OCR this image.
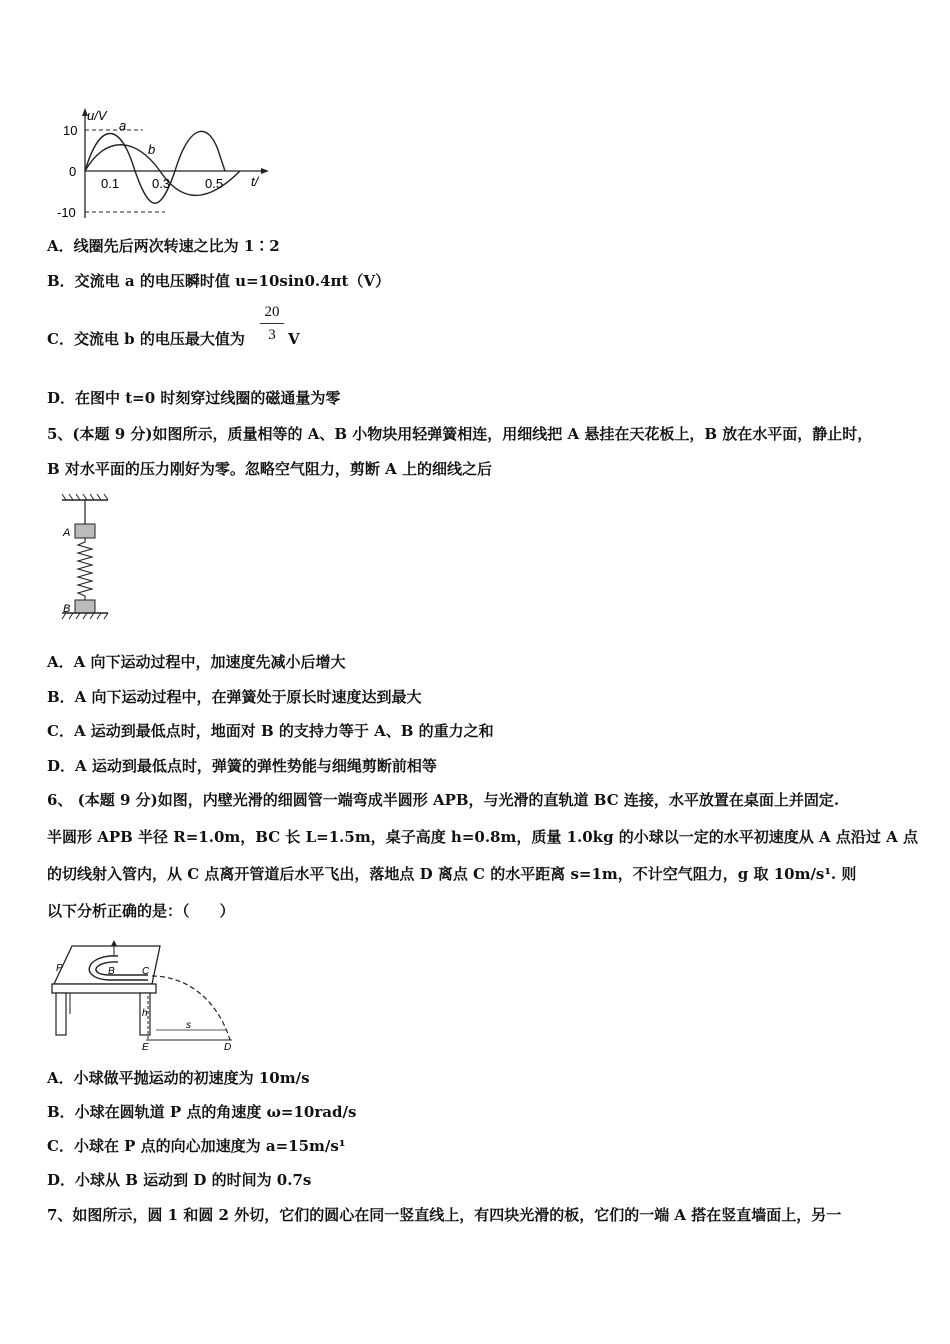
u/V
10
0
-10
0.1	0.3	0.5 t/
a
b
A．线圈先后两次转速之比为 1∶2
B．交流电 a 的电压瞬时值 u=10sin0.4πt（V）
C．交流电 b 的电压最大值为
20
3 V
D．在图中 t=0 时刻穿过线圈的磁通量为零
5、(本题 9 分)如图所示，质量相等的 A、B 小物块用轻弹簧相连，用细线把 A 悬挂在天花板上，B 放在水平面，静止时，
B 对水平面的压力刚好为零。忽略空气阻力，剪断 A 上的细线之后
A
B
A．A 向下运动过程中，加速度先减小后增大
B．A 向下运动过程中，在弹簧处于原长时速度达到最大
C．A 运动到最低点时，地面对 B 的支持力等于 A、B 的重力之和
D．A 运动到最低点时，弹簧的弹性势能与细绳剪断前相等
6、 (本题 9 分)如图，内壁光滑的细圆管一端弯成半圆形 APB，与光滑的直轨道 BC 连接，水平放置在桌面上并固定.
半圆形 APB 半径 R=1.0m，BC 长 L=1.5m，桌子高度 h=0.8m，质量 1.0kg 的小球以一定的水平初速度从 A 点沿过 A 点
的切线射入管内，从 C 点离开管道后水平飞出，落地点 D 离点 C 的水平距离 s=1m，不计空气阻力，g 取 10m/s¹. 则
以下分析正确的是：（　　）
P	B	C
h
s
E	D
A．小球做平抛运动的初速度为 10m/s
B．小球在圆轨道 P 点的角速度 ω=10rad/s
C．小球在 P 点的向心加速度为 a=15m/s¹
D．小球从 B 运动到 D 的时间为 0.7s
7、如图所示，圆 1 和圆 2 外切，它们的圆心在同一竖直线上，有四块光滑的板，它们的一端 A 搭在竖直墙面上，另一
